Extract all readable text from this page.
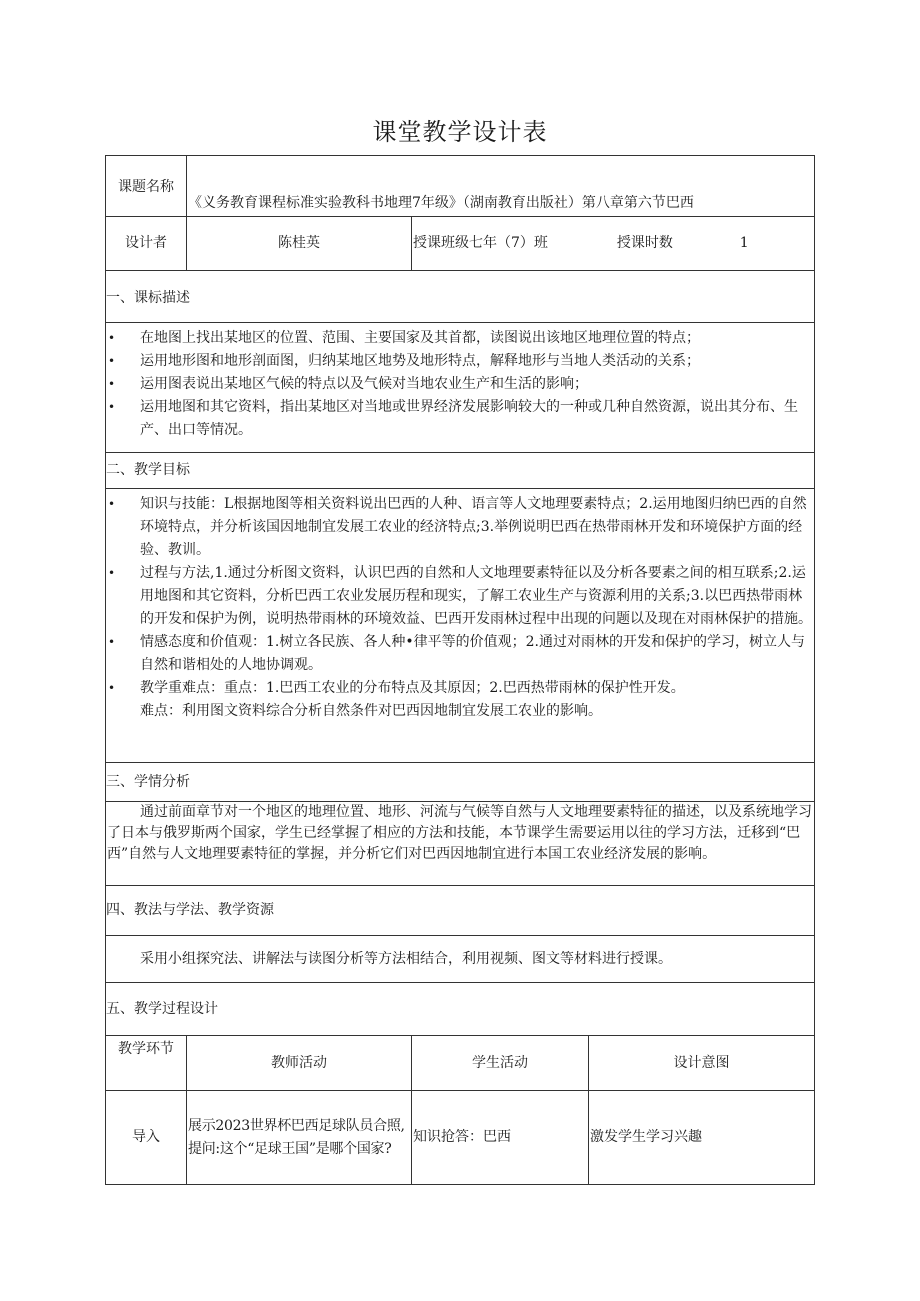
课堂教学设计表
课题名称	《义务教育课程标准实验教科书地理7年级》（湖南教育出版社）第八章第六节巴西		
设计者	陈桂英	授课班级七年（7）班 授课时数 1	
一、课标描述			

• 在地图上找出某地区的位置、范围、主要国家及其首都，读图说出该地区地理位置的特点；
• 运用地形图和地形剖面图，归纳某地区地势及地形特点，解释地形与当地人类活动的关系；
• 运用图表说出某地区气候的特点以及气候对当地农业生产和生活的影响；
• 运用地图和其它资料，指出某地区对当地或世界经济发展影响较大的一种或几种自然资源，说出其分布、生产、出口等情况。

二、教学目标			

• 知识与技能：L根据地图等相关资料说出巴西的人种、语言等人文地理要素特点；2.运用地图归纳巴西的自然环境特点，并分析该国因地制宜发展工农业的经济特点;3.举例说明巴西在热带雨林开发和环境保护方面的经验、教训。
• 过程与方法,1.通过分析图文资料，认识巴西的自然和人文地理要素特征以及分析各要素之间的相互联系;2.运用地图和其它资料，分析巴西工农业发展历程和现实，了解工农业生产与资源利用的关系;3.以巴西热带雨林的开发和保护为例，说明热带雨林的环境效益、巴西开发雨林过程中出现的问题以及现在对雨林保护的措施。
• 情感态度和价值观：1.树立各民族、各人种•律平等的价值观；2.通过对雨林的开发和保护的学习，树立人与自然和谐相处的人地协调观。
• 教学重难点：重点：1.巴西工农业的分布特点及其原因；2.巴西热带雨林的保护性开发。
难点：利用图文资料综合分析自然条件对巴西因地制宜发展工农业的影响。

三、学情分析			

通过前面章节对一个地区的地理位置、地形、河流与气候等自然与人文地理要素特征的描述，以及系统地学习了日本与俄罗斯两个国家，学生已经掌握了相应的方法和技能，本节课学生需要运用以往的学习方法，迁移到“巴西”自然与人文地理要素特征的掌握，并分析它们对巴西因地制宜进行本国工农业经济发展的影响。			

四、教法与学法、教学资源			

采用小组探究法、讲解法与读图分析等方法相结合，利用视频、图文等材料进行授课。			

五、教学过程设计			
教学环节	教师活动	学生活动	设计意图
导入	展示2023世界杯巴西足球队员合照,提问:这个“足球王国”是哪个国家?	知识抢答：巴西	激发学生学习兴趣
